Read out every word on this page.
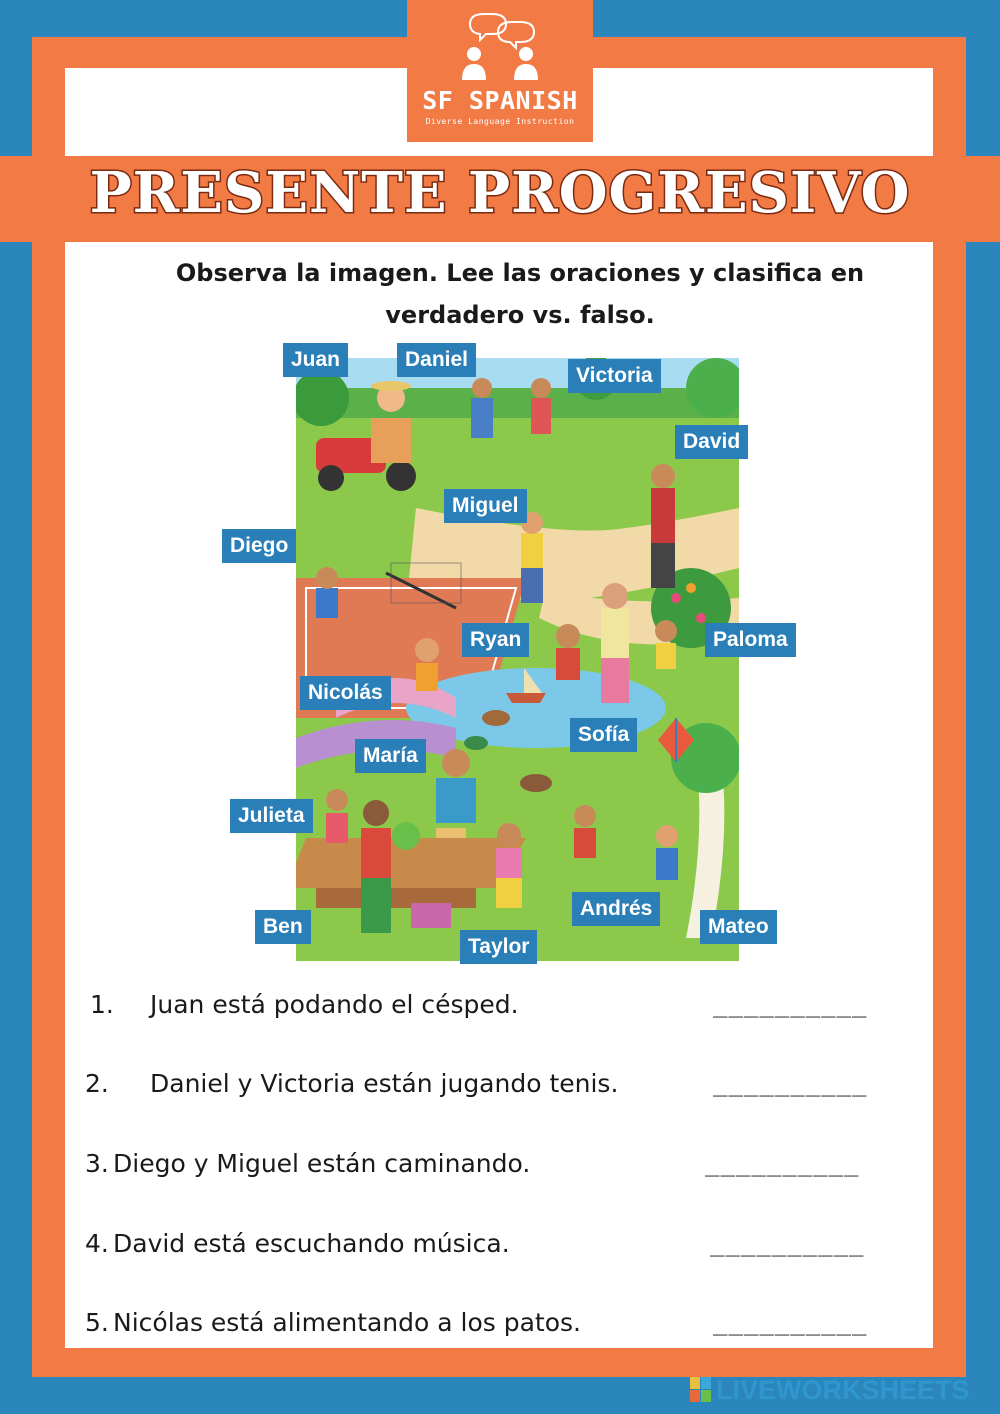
SF SPANISH
Diverse Language Instruction
PRESENTE PROGRESIVO
Observa la imagen. Lee las oraciones y clasifica en verdadero vs. falso.
Juan	Daniel
Victoria
David
Miguel
Diego
Ryan	Paloma
Nicolás
Sofía
María
Julieta
Andrés
Mateo
Ben
Taylor
1. Juan está podando el césped.	__________
2. Daniel y Victoria están jugando tenis.	__________
3. Diego y Miguel están caminando.	__________
4. David está escuchando música.	__________
5. Nicólas está alimentando a los patos.	__________
LIVEWORKSHEETS
